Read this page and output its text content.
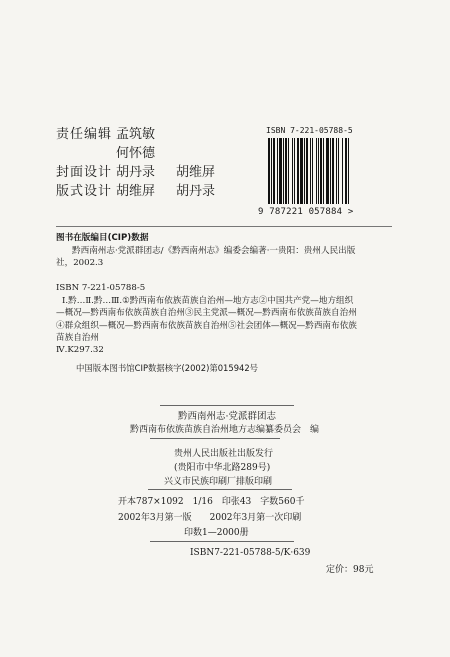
责任编辑 孟筑敏
何怀德
封面设计 胡丹录 胡维屏
版式设计 胡维屏 胡丹录
ISBN 7-221-05788-5
9 787221 057884 >
图书在版编目(CIP)数据
黔西南州志·党派群团志/《黔西南州志》编委会编著·一贵阳：贵州人民出版社，2002.3
ISBN 7-221-05788-5
Ⅰ.黔…Ⅱ.黔…Ⅲ.①黔西南布依族苗族自治州—地方志②中国共产党—地方组织—概况—黔西南布依族苗族自治州③民主党派—概况—黔西南布依族苗族自治州④群众组织—概况—黔西南布依族苗族自治州⑤社会团体—概况—黔西南布依族苗族自治州
Ⅳ.K297.32
中国版本图书馆CIP数据核字(2002)第015942号
黔西南州志·党派群团志
黔西南布依族苗族自治州地方志编纂委员会　编
贵州人民出版社出版发行
(贵阳市中华北路289号)
兴义市民族印刷厂排版印刷
开本787×1092　1/16　印张43　字数560千
2002年3月第一版　　2002年3月第一次印刷
印数1—2000册
ISBN7-221-05788-5/K·639
定价：98元
